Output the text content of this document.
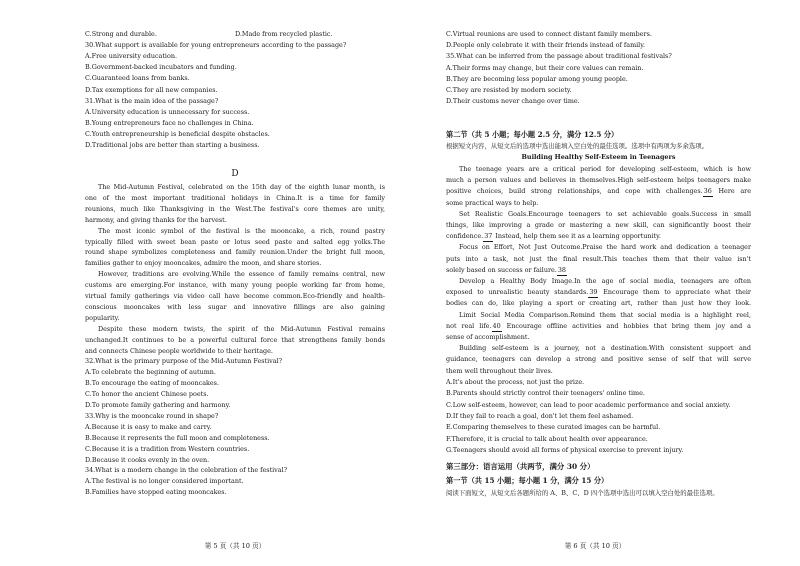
C.Strong and durable.	D.Made from recycled plastic.
30.What support is available for young entrepreneurs according to the passage?
A.Free university education.
B.Government-backed incubators and funding.
C.Guaranteed loans from banks.
D.Tax exemptions for all new companies.
31.What is the main idea of the passage?
A.University education is unnecessary for success.
B.Young entrepreneurs face no challenges in China.
C.Youth entrepreneurship is beneficial despite obstacles.
D.Traditional jobs are better than starting a business.
D
The Mid-Autumn Festival, celebrated on the 15th day of the eighth lunar month, is
one of the most important traditional holidays in China.It is a time for family
reunions, much like Thanksgiving in the West.The festival's core themes are unity,
harmony, and giving thanks for the harvest.
The most iconic symbol of the festival is the mooncake, a rich, round pastry
typically filled with sweet bean paste or lotus seed paste and salted egg yolks.The
round shape symbolizes completeness and family reunion.Under the bright full moon,
families gather to enjoy mooncakes, admire the moon, and share stories.
However, traditions are evolving.While the essence of family remains central, new
customs are emerging.For instance, with many young people working far from home,
virtual family gatherings via video call have become common.Eco-friendly and health-
conscious mooncakes with less sugar and innovative fillings are also gaining
popularity.
Despite these modern twists, the spirit of the Mid-Autumn Festival remains
unchanged.It continues to be a powerful cultural force that strengthens family bonds
and connects Chinese people worldwide to their heritage.
32.What is the primary purpose of the Mid-Autumn Festival?
A.To celebrate the beginning of autumn.
B.To encourage the eating of mooncakes.
C.To honor the ancient Chinese poets.
D.To promote family gathering and harmony.
33.Why is the mooncake round in shape?
A.Because it is easy to make and carry.
B.Because it represents the full moon and completeness.
C.Because it is a tradition from Western countries.
D.Because it cooks evenly in the oven.
34.What is a modern change in the celebration of the festival?
A.The festival is no longer considered important.
B.Families have stopped eating mooncakes.
C.Virtual reunions are used to connect distant family members.
D.People only celebrate it with their friends instead of family.
35.What can be inferred from the passage about traditional festivals?
A.Their forms may change, but their core values can remain.
B.They are becoming less popular among young people.
C.They are resisted by modern society.
D.Their customs never change over time.
第二节（共 5 小题；每小题 2.5 分，满分 12.5 分）
根据短文内容，从短文后的选项中选出能填入空白处的最佳选项。选项中有两项为多余选项。
Building Healthy Self-Esteem in Teenagers
The teenage years are a critical period for developing self-esteem, which is how
much a person values and believes in themselves.High self-esteem helps teenagers make
positive choices, build strong relationships, and cope with challenges.36 Here are
some practical ways to help.
Set Realistic Goals.Encourage teenagers to set achievable goals.Success in small
things, like improving a grade or mastering a new skill, can significantly boost their
confidence.37 Instead, help them see it as a learning opportunity.
Focus on Effort, Not Just Outcome.Praise the hard work and dedication a teenager
puts into a task, not just the final result.This teaches them that their value isn't
solely based on success or failure.38
Develop a Healthy Body Image.In the age of social media, teenagers are often
exposed to unrealistic beauty standards.39 Encourage them to appreciate what their
bodies can do, like playing a sport or creating art, rather than just how they look.
Limit Social Media Comparison.Remind them that social media is a highlight reel,
not real life.40 Encourage offline activities and hobbies that bring them joy and a
sense of accomplishment.
Building self-esteem is a journey, not a destination.With consistent support and
guidance, teenagers can develop a strong and positive sense of self that will serve
them well throughout their lives.
A.It's about the process, not just the prize.
B.Parents should strictly control their teenagers' online time.
C.Low self-esteem, however, can lead to poor academic performance and social anxiety.
D.If they fail to reach a goal, don't let them feel ashamed.
E.Comparing themselves to these curated images can be harmful.
F.Therefore, it is crucial to talk about health over appearance.
G.Teenagers should avoid all forms of physical exercise to prevent injury.
第三部分：语言运用（共两节，满分 30 分）
第一节（共 15 小题；每小题 1 分，满分 15 分）
阅读下面短文，从短文后各题所给的 A、B、C、D 四个选项中选出可以填入空白处的最佳选项。
第 5 页（共 10 页）	第 6 页（共 10 页）
